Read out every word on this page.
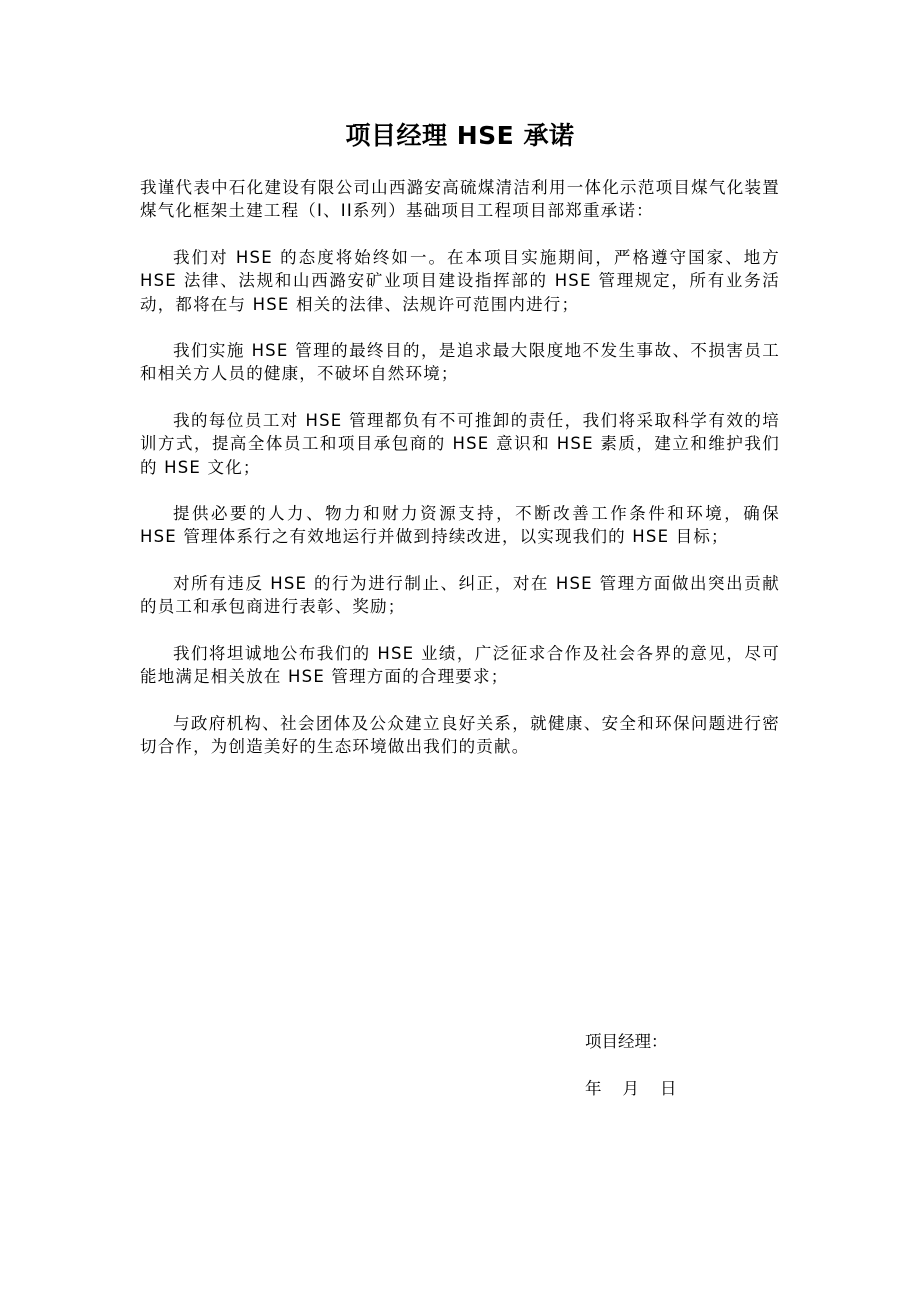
项目经理 HSE 承诺

我谨代表中石化建设有限公司山西潞安高硫煤清洁利用一体化示范项目煤气化装置煤气化框架土建工程（I、II系列）基础项目工程项目部郑重承诺：

我们对 HSE 的态度将始终如一。在本项目实施期间，严格遵守国家、地方 HSE 法律、法规和山西潞安矿业项目建设指挥部的 HSE 管理规定，所有业务活动，都将在与 HSE 相关的法律、法规许可范围内进行；

我们实施 HSE 管理的最终目的，是追求最大限度地不发生事故、不损害员工和相关方人员的健康，不破坏自然环境；

我的每位员工对 HSE 管理都负有不可推卸的责任，我们将采取科学有效的培训方式，提高全体员工和项目承包商的 HSE 意识和 HSE 素质，建立和维护我们的 HSE 文化；

提供必要的人力、物力和财力资源支持，不断改善工作条件和环境，确保 HSE 管理体系行之有效地运行并做到持续改进，以实现我们的 HSE 目标；

对所有违反 HSE 的行为进行制止、纠正，对在 HSE 管理方面做出突出贡献的员工和承包商进行表彰、奖励；

我们将坦诚地公布我们的 HSE 业绩，广泛征求合作及社会各界的意见，尽可能地满足相关放在 HSE 管理方面的合理要求；

与政府机构、社会团体及公众建立良好关系，就健康、安全和环保问题进行密切合作，为创造美好的生态环境做出我们的贡献。

项目经理：

年    月    日
